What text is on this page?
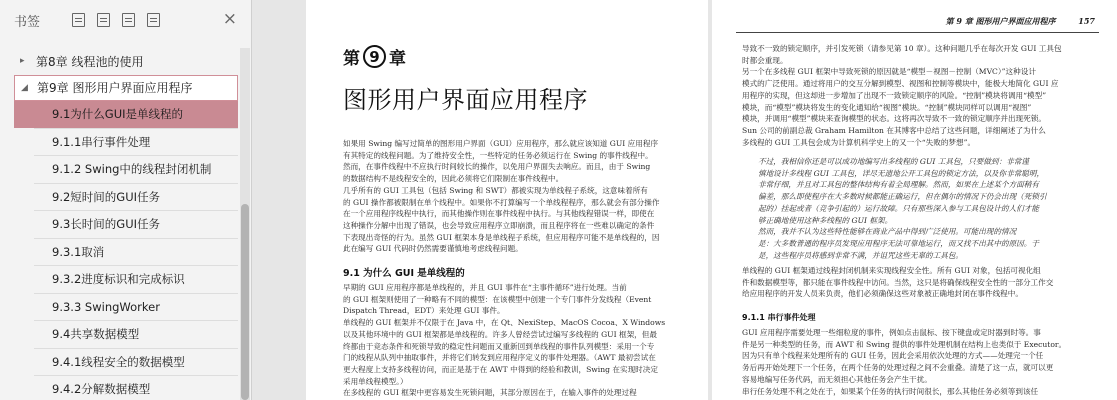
书签	×
▸ 第8章 线程池的使用
◢ 第9章 图形用户界面应用程序
9.1为什么GUI是单线程的
9.1.1串行事件处理
9.1.2 Swing中的线程封闭机制
9.2短时间的GUI任务
9.3长时间的GUI任务
9.3.1取消
9.3.2进度标识和完成标识
9.3.3 SwingWorker
9.4共享数据模型
9.4.1线程安全的数据模型
9.4.2分解数据模型
第 9 章
图形用户界面应用程序
如果用 Swing 编写过简单的图形用户界面（GUI）应用程序，那么就应该知道 GUI 应用程序
有其特定的线程问题。为了维持安全性，一些特定的任务必须运行在 Swing 的事件线程中。
然而，在事件线程中不应执行时间较长的操作，以免用户界面失去响应。而且，由于 Swing
的数据结构不是线程安全的，因此必须将它们限制在事件线程中。
几乎所有的 GUI 工具包（包括 Swing 和 SWT）都被实现为单线程子系统，这意味着所有
的 GUI 操作都被限制在单个线程中。如果你不打算编写一个单线程程序，那么就会有部分操作
在一个应用程序线程中执行，而其他操作则在事件线程中执行。与其他线程错误一样，即使在
这种操作分解中出现了错误，也会导致应用程序立即崩溃，而且程序将在一些难以确定的条件
下表现出奇怪的行为。虽然 GUI 框架本身是单线程子系统，但应用程序可能不是单线程的，因
此在编写 GUI 代码时仍然需要谨慎地考虑线程问题。
9.1 为什么 GUI 是单线程的
早期的 GUI 应用程序都是单线程的，并且 GUI 事件在“主事件循环”进行处理。当前
的 GUI 框架则使用了一种略有不同的模型：在该模型中创建一个专门事件分发线程（Event
Dispatch Thread，EDT）来处理 GUI 事件。
单线程的 GUI 框架并不仅限于在 Java 中，在 Qt、NexiStep、MacOS Cocoa、X Windows
以及其他环境中的 GUI 框架都是单线程的。许多人曾经尝试过编写多线程的 GUI 框架，但最
终都由于竞态条件和死锁导致的稳定性问题而又重新回到单线程的事件队列模型：采用一个专
门的线程从队列中抽取事件，并将它们转发到应用程序定义的事件处理器。（AWT 最初尝试在
更大程度上支持多线程访问，而正是基于在 AWT 中得到的经验和教训，Swing 在实现时决定
采用单线程模型。）
在多线程的 GUI 框架中更容易发生死锁问题，其部分原因在于，在输入事件的处理过程
第 9 章 图形用户界面应用程序	157
导致不一致的锁定顺序，并引发死锁（请参见第 10 章）。这种问题几乎在每次开发 GUI 工具包
时都会重现。
另一个在多线程 GUI 框架中导致死锁的原因就是“模型－视图－控制（MVC）”这种设计
模式的广泛使用。通过将用户的交互分解到模型、视图和控制等模块中，能极大地简化 GUI 应
用程序的实现，但这却进一步增加了出现不一致锁定顺序的风险。“控制”模块将调用“模型”
模块，而“模型”模块将发生的变化通知给“视图”模块。“控制”模块同样可以调用“视图”
模块，并调用“模型”模块来查询模型的状态。这将再次导致不一致的锁定顺序并出现死锁。
Sun 公司的前副总裁 Graham Hamilton 在其博客中总结了这些问题，详细阐述了为什么
多线程的 GUI 工具包会成为计算机科学史上的又一个“失败的梦想”。
不过，我相信你还是可以成功地编写出多线程的 GUI 工具包，只要做到：非常谨
慎地设计多线程 GUI 工具包，详尽无遗地公开工具包的锁定方法，以及你非常聪明，
非常仔细，并且对工具包的整体结构有着全局理解。然而，如果在上述某个方面稍有
偏差，那么即使程序在大多数时候都能正确运行，但在偶尔的情况下仍会出现（死锁引
起的）挂起或者（竞争引起的）运行故障。只有那些深入参与工具包设计的人们才能
够正确地使用这种多线程的 GUI 框架。
然而，我并不认为这些特性能够在商业产品中得到广泛使用。可能出现的情况
是：大多数普通的程序员发现应用程序无法可靠地运行，而又找不出其中的原因。于
是，这些程序员将感到非常不满，并诅咒这些无辜的工具包。
单线程的 GUI 框架通过线程封闭机制来实现线程安全性。所有 GUI 对象，包括可视化组
件和数据模型等，都只能在事件线程中访问。当然，这只是将确保线程安全性的一部分工作交
给应用程序的开发人员来负责，他们必须确保这些对象被正确地封闭在事件线程中。
9.1.1 串行事件处理
GUI 应用程序需要处理一些细粒度的事件，例如点击鼠标、按下键盘或定时器到时等。事
件是另一种类型的任务，而 AWT 和 Swing 提供的事件处理机制在结构上也类似于 Executor。
因为只有单个线程来处理所有的 GUI 任务，因此会采用依次处理的方式——处理完一个任
务后再开始处理下一个任务，在两个任务的处理过程之间不会重叠。清楚了这一点，就可以更
容易地编写任务代码，而无须担心其他任务会产生干扰。
串行任务处理不利之处在于，如果某个任务的执行时间很长，那么其他任务必须等到该任
